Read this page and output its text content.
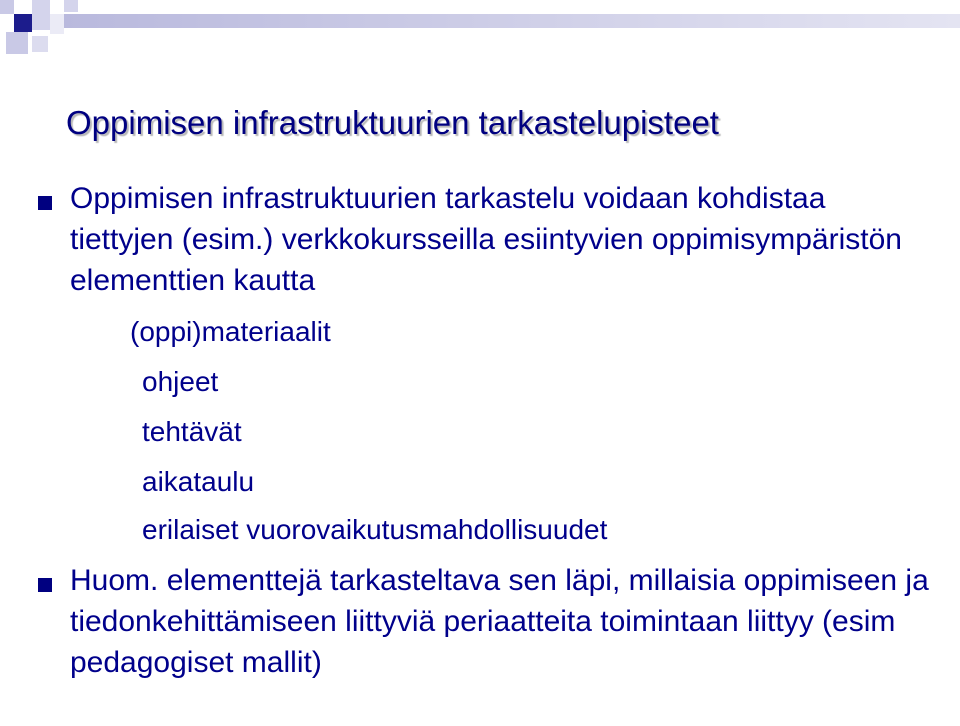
Oppimisen infrastruktuurien tarkastelupisteet
Oppimisen infrastruktuurien tarkastelu voidaan kohdistaa tiettyjen (esim.) verkkokursseilla esiintyvien oppimisympäristön elementtien kautta
(oppi)materiaalit
ohjeet
tehtävät
aikataulu
erilaiset vuorovaikutusmahdollisuudet
Huom. elementtejä tarkasteltava sen läpi, millaisia oppimiseen ja tiedonkehittämiseen liittyviä periaatteita toimintaan liittyy (esim pedagogiset mallit)
